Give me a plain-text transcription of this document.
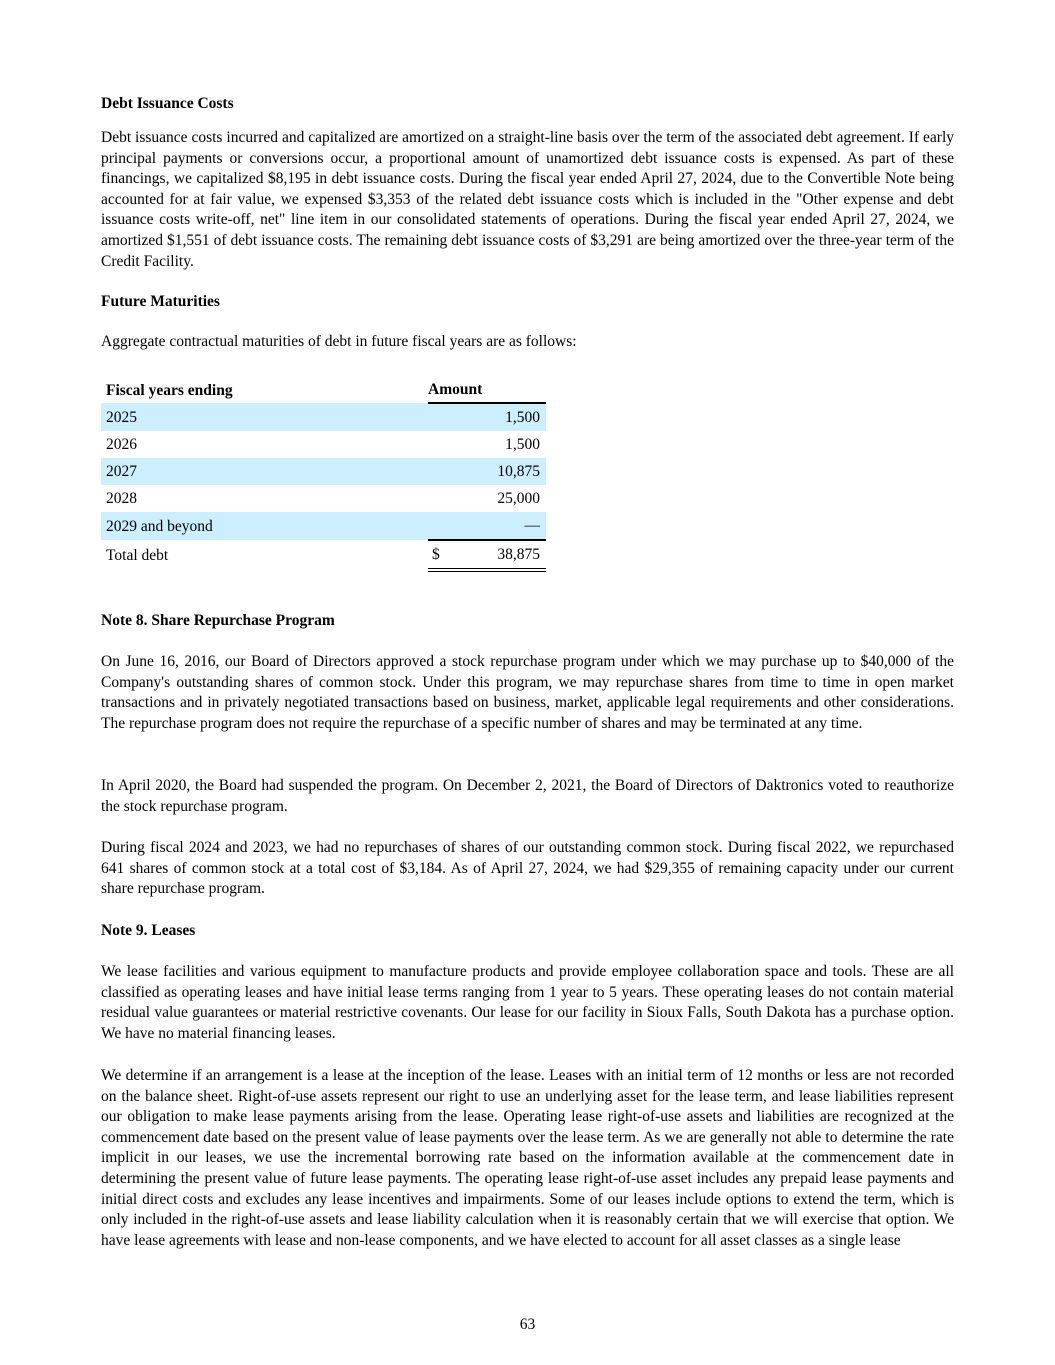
Debt Issuance Costs
Debt issuance costs incurred and capitalized are amortized on a straight-line basis over the term of the associated debt agreement. If early principal payments or conversions occur, a proportional amount of unamortized debt issuance costs is expensed. As part of these financings, we capitalized $8,195 in debt issuance costs. During the fiscal year ended April 27, 2024, due to the Convertible Note being accounted for at fair value, we expensed $3,353 of the related debt issuance costs which is included in the "Other expense and debt issuance costs write-off, net" line item in our consolidated statements of operations. During the fiscal year ended April 27, 2024, we amortized $1,551 of debt issuance costs. The remaining debt issuance costs of $3,291 are being amortized over the three-year term of the Credit Facility.
Future Maturities
Aggregate contractual maturities of debt in future fiscal years are as follows:
Fiscal years ending	Amount
2025	1,500
2026	1,500
2027	10,875
2028	25,000
2029 and beyond	—
Total debt	$ 38,875
Note 8. Share Repurchase Program
On June 16, 2016, our Board of Directors approved a stock repurchase program under which we may purchase up to $40,000 of the Company's outstanding shares of common stock. Under this program, we may repurchase shares from time to time in open market transactions and in privately negotiated transactions based on business, market, applicable legal requirements and other considerations. The repurchase program does not require the repurchase of a specific number of shares and may be terminated at any time.
In April 2020, the Board had suspended the program. On December 2, 2021, the Board of Directors of Daktronics voted to reauthorize the stock repurchase program.
During fiscal 2024 and 2023, we had no repurchases of shares of our outstanding common stock. During fiscal 2022, we repurchased 641 shares of common stock at a total cost of $3,184. As of April 27, 2024, we had $29,355 of remaining capacity under our current share repurchase program.
Note 9. Leases
We lease facilities and various equipment to manufacture products and provide employee collaboration space and tools. These are all classified as operating leases and have initial lease terms ranging from 1 year to 5 years. These operating leases do not contain material residual value guarantees or material restrictive covenants. Our lease for our facility in Sioux Falls, South Dakota has a purchase option. We have no material financing leases.
We determine if an arrangement is a lease at the inception of the lease. Leases with an initial term of 12 months or less are not recorded on the balance sheet. Right-of-use assets represent our right to use an underlying asset for the lease term, and lease liabilities represent our obligation to make lease payments arising from the lease. Operating lease right-of-use assets and liabilities are recognized at the commencement date based on the present value of lease payments over the lease term. As we are generally not able to determine the rate implicit in our leases, we use the incremental borrowing rate based on the information available at the commencement date in determining the present value of future lease payments. The operating lease right-of-use asset includes any prepaid lease payments and initial direct costs and excludes any lease incentives and impairments. Some of our leases include options to extend the term, which is only included in the right-of-use assets and lease liability calculation when it is reasonably certain that we will exercise that option. We have lease agreements with lease and non-lease components, and we have elected to account for all asset classes as a single lease
63
